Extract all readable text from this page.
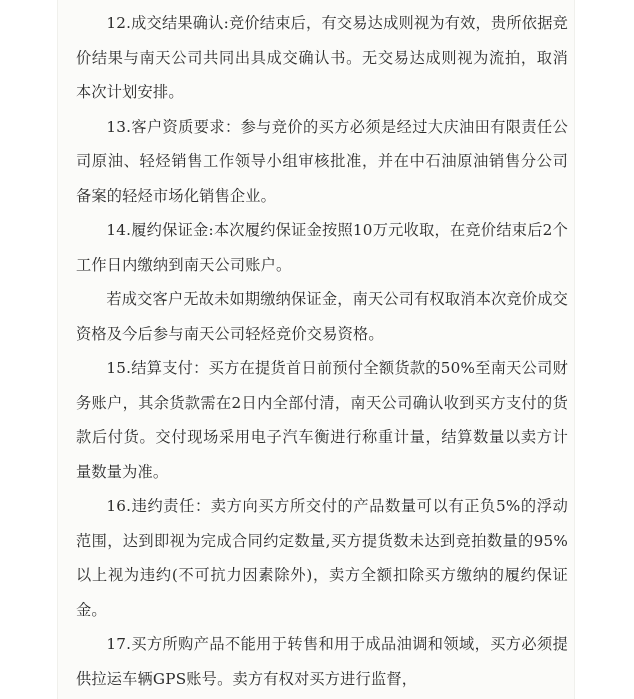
12.成交结果确认:竞价结束后，有交易达成则视为有效，贵所依据竞价结果与南天公司共同出具成交确认书。无交易达成则视为流拍，取消本次计划安排。

13.客户资质要求：参与竞价的买方必须是经过大庆油田有限责任公司原油、轻烃销售工作领导小组审核批准，并在中石油原油销售分公司备案的轻烃市场化销售企业。

14.履约保证金:本次履约保证金按照10万元收取，在竞价结束后2个工作日内缴纳到南天公司账户。

若成交客户无故未如期缴纳保证金，南天公司有权取消本次竞价成交资格及今后参与南天公司轻烃竞价交易资格。

15.结算支付：买方在提货首日前预付全额货款的50%至南天公司财务账户，其余货款需在2日内全部付清，南天公司确认收到买方支付的货款后付货。交付现场采用电子汽车衡进行称重计量，结算数量以卖方计量数量为准。

16.违约责任：卖方向买方所交付的产品数量可以有正负5%的浮动范围，达到即视为完成合同约定数量,买方提货数未达到竞拍数量的95%以上视为违约(不可抗力因素除外)，卖方全额扣除买方缴纳的履约保证金。

17.买方所购产品不能用于转售和用于成品油调和领域，买方必须提供拉运车辆GPS账号。卖方有权对买方进行监督，
